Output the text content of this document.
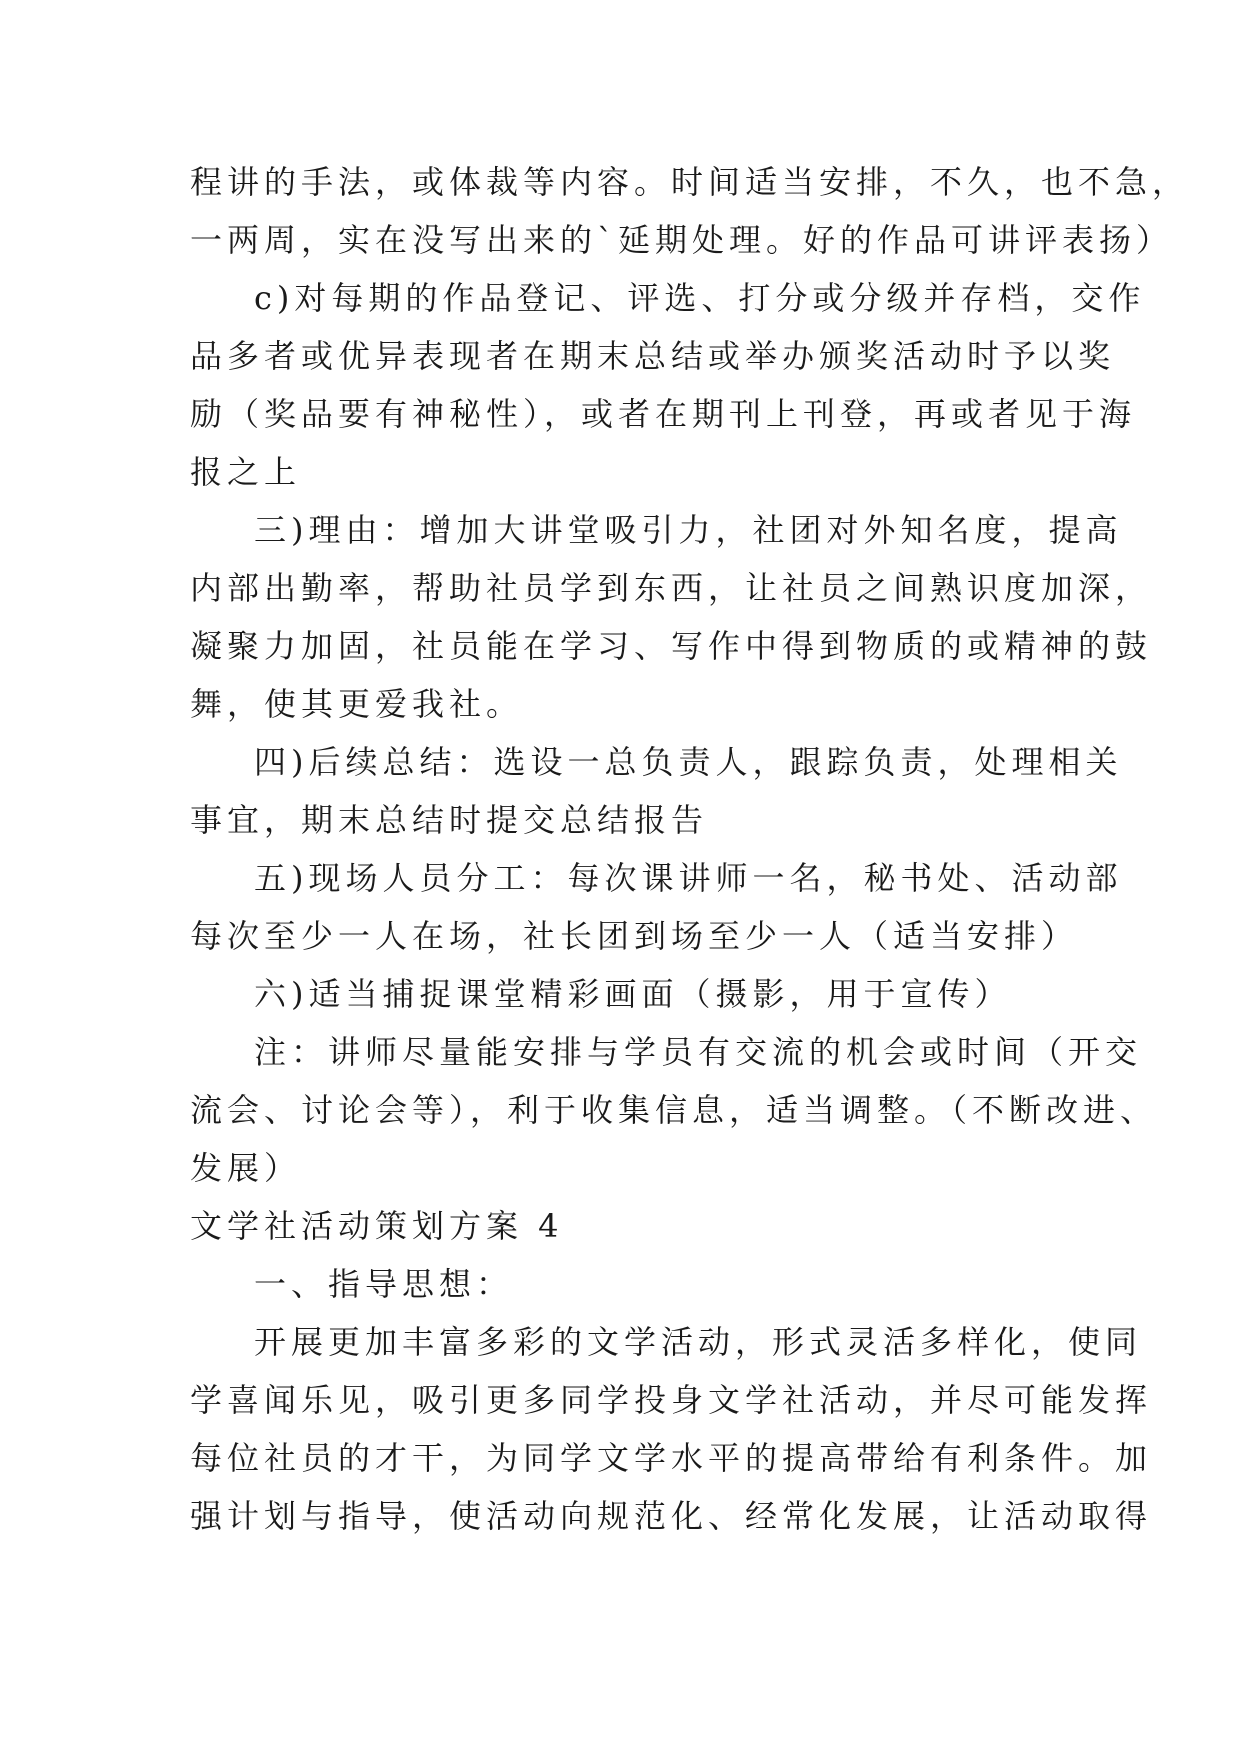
程讲的手法，或体裁等内容。时间适当安排，不久，也不急，
一两周，实在没写出来的`延期处理。好的作品可讲评表扬）
c)对每期的作品登记、评选、打分或分级并存档，交作
品多者或优异表现者在期末总结或举办颁奖活动时予以奖
励（奖品要有神秘性），或者在期刊上刊登，再或者见于海
报之上
三)理由：增加大讲堂吸引力，社团对外知名度，提高
内部出勤率，帮助社员学到东西，让社员之间熟识度加深，
凝聚力加固，社员能在学习、写作中得到物质的或精神的鼓
舞，使其更爱我社。
四)后续总结：选设一总负责人，跟踪负责，处理相关
事宜，期末总结时提交总结报告
五)现场人员分工：每次课讲师一名，秘书处、活动部
每次至少一人在场，社长团到场至少一人（适当安排）
六)适当捕捉课堂精彩画面（摄影，用于宣传）
注：讲师尽量能安排与学员有交流的机会或时间（开交
流会、讨论会等），利于收集信息，适当调整。（不断改进、
发展）
文学社活动策划方案 4
一、指导思想：
开展更加丰富多彩的文学活动，形式灵活多样化，使同
学喜闻乐见，吸引更多同学投身文学社活动，并尽可能发挥
每位社员的才干，为同学文学水平的提高带给有利条件。加
强计划与指导，使活动向规范化、经常化发展，让活动取得
